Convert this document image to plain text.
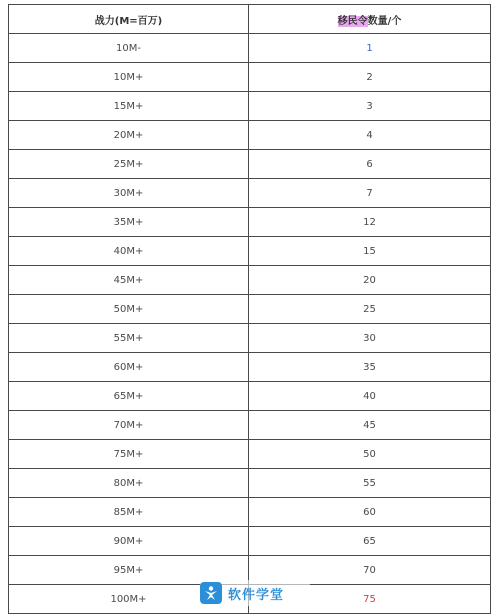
战力(M=百万)	移民令数量/个
10M-	1
10M+	2
15M+	3
20M+	4
25M+	6
30M+	7
35M+	12
40M+	15
45M+	20
50M+	25
55M+	30
60M+	35
65M+	40
70M+	45
75M+	50
80M+	55
85M+	60
90M+	65
95M+	70
100M+	75
软件学堂
